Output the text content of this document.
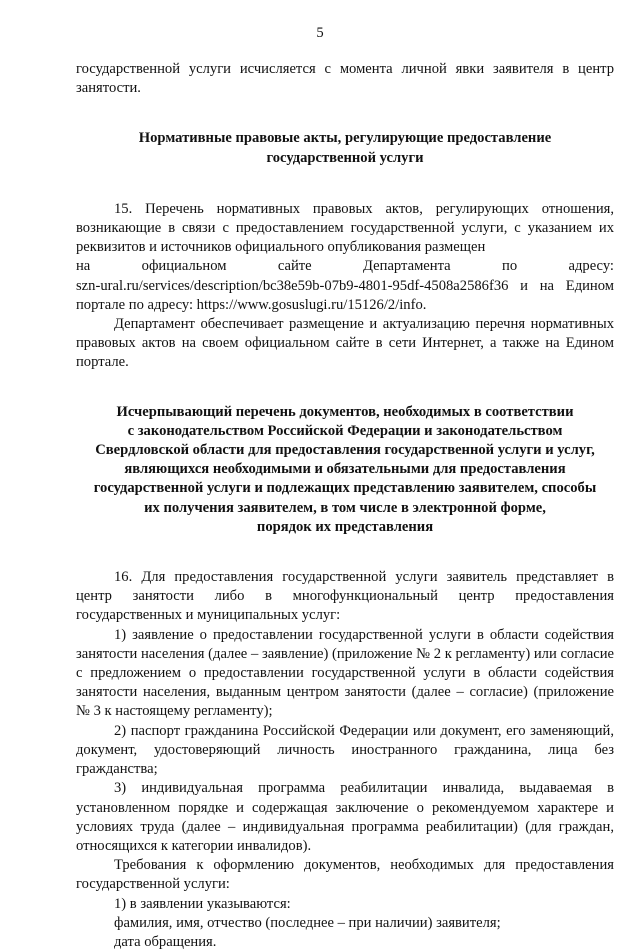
5

государственной услуги исчисляется с момента личной явки заявителя в центр занятости.

Нормативные правовые акты, регулирующие предоставление
государственной услуги

15. Перечень нормативных правовых актов, регулирующих отношения, возникающие в связи с предоставлением государственной услуги, с указанием их реквизитов и источников официального опубликования размещен

на официальном сайте Департамента по адресу:

szn-ural.ru/services/description/bc38e59b-07b9-4801-95df-4508a2586f36 и на Едином портале по адресу: https://www.gosuslugi.ru/15126/2/info.

Департамент обеспечивает размещение и актуализацию перечня нормативных правовых актов на своем официальном сайте в сети Интернет, а также на Едином портале.

Исчерпывающий перечень документов, необходимых в соответствии
с законодательством Российской Федерации и законодательством
Свердловской области для предоставления государственной услуги и услуг,
являющихся необходимыми и обязательными для предоставления
государственной услуги и подлежащих представлению заявителем, способы
их получения заявителем, в том числе в электронной форме,
порядок их представления

16. Для предоставления государственной услуги заявитель представляет в центр занятости либо в многофункциональный центр предоставления государственных и муниципальных услуг:

1) заявление о предоставлении государственной услуги в области содействия занятости населения (далее – заявление) (приложение № 2 к регламенту) или согласие с предложением о предоставлении государственной услуги в области содействия занятости населения, выданным центром занятости (далее – согласие) (приложение № 3 к настоящему регламенту);

2) паспорт гражданина Российской Федерации или документ, его заменяющий, документ, удостоверяющий личность иностранного гражданина, лица без гражданства;

3) индивидуальная программа реабилитации инвалида, выдаваемая в установленном порядке и содержащая заключение о рекомендуемом характере и условиях труда (далее – индивидуальная программа реабилитации) (для граждан, относящихся к категории инвалидов).

Требования к оформлению документов, необходимых для предоставления государственной услуги:

1) в заявлении указываются:

фамилия, имя, отчество (последнее – при наличии) заявителя;

дата обращения.
